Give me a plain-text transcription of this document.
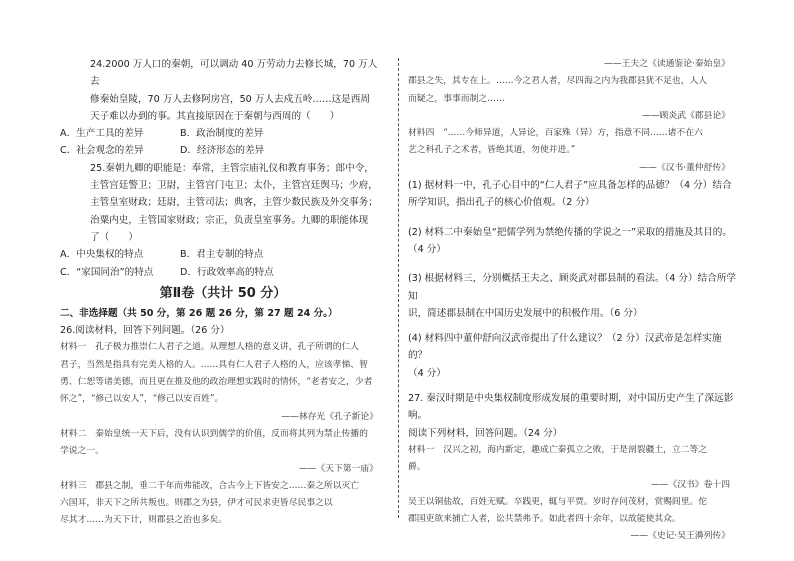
24.2000 万人口的秦朝，可以调动 40 万劳动力去修长城，70 万人去

修秦始皇陵，70 万人去修阿房宫，50 万人去戍五岭……这是西周

天子难以办到的事。其直接原因在于秦朝与西周的（　　）

A．生产工具的差异	B．政治制度的差异
C．社会观念的差异	D．经济形态的差异

25.秦朝九卿的职能是：奉常，主管宗庙礼仪和教育事务；郎中令，

主管宫廷警卫；卫尉，主管宫门屯卫；太仆，主管宫廷舆马；少府，

主管皇室财政；廷尉，主管司法；典客，主管少数民族及外交事务；

治粟内史，主管国家财政；宗正，负责皇室事务。九卿的职能体现

了（　　）

A．中央集权的特点	B．君主专制的特点
C．“家国同治”的特点	D．行政效率高的特点

第Ⅱ卷（共计 50 分）

二、非选择题（共 50 分，第 26 题 26 分，第 27 题 24 分。）

26.阅读材料，回答下列问题。（26 分）

材料一　孔子极力推崇仁人君子之道。从理想人格的意义讲，孔子所谓的仁人

君子，当然是指具有完美人格的人。……具有仁人君子人格的人，应该孝悌、智

勇、仁恕等诸美德，而且更在推及他的政治理想实践时的情怀，“老者安之，少者

怀之”，“修己以安人”，“修己以安百姓”。

——林存光《孔子新论》

材料二　秦始皇统一天下后，没有认识到儒学的价值，反而将其列为禁止传播的

学说之一。

——《天下第一庙》

材料三　郡县之制，垂二千年而弗能改，合古今上下皆安之……秦之所以灭亡

六国耳，非天下之所共叛也。则郡之为县，伊才可民求吏皆尽民事之以

尽其才……为天下计，则郡县之治也多矣。

——王夫之《读通鉴论·秦始皇》

郡县之失，其专在上。……今之君人者，尽四海之内为我郡县犹不足也，人人

而疑之，事事而制之……

——顾炎武《郡县论》

材料四　“……今师异道，人异论，百家殊（异）方，指意不同……诸不在六

艺之科孔子之术者，皆绝其道，勿使并进。”

——《汉书·董仲舒传》

(1) 据材料一中，孔子心目中的“仁人君子”应具备怎样的品德？（4 分）结合

所学知识，指出孔子的核心价值观。（2 分）

(2) 材料二中秦始皇“把儒学列为禁绝传播的学说之一”采取的措施及其目的。

（4 分）

(3) 根据材料三，分别概括王夫之、顾炎武对郡县制的看法。（4 分）结合所学知

识，简述郡县制在中国历史发展中的积极作用。（6 分）

(4) 材料四中董仲舒向汉武帝提出了什么建议？（2 分）汉武帝是怎样实施的？

（4 分）

27. 秦汉时期是中央集权制度形成发展的重要时期，对中国历史产生了深远影响。

阅读下列材料，回答问题。（24 分）

材料一　汉兴之初，海内新定，趣成亡秦孤立之败，于是剖裂疆土，立二等之

爵。

——《汉书》卷十四

吴王以铜盐故，百姓无赋。卒践更，辄与平贾。岁时存问茂材，赏赐闾里。佗

郡国吏欲来捕亡人者，讼共禁弗予。如此者四十余年，以故能使其众。

——《史记·吴王濞列传》
